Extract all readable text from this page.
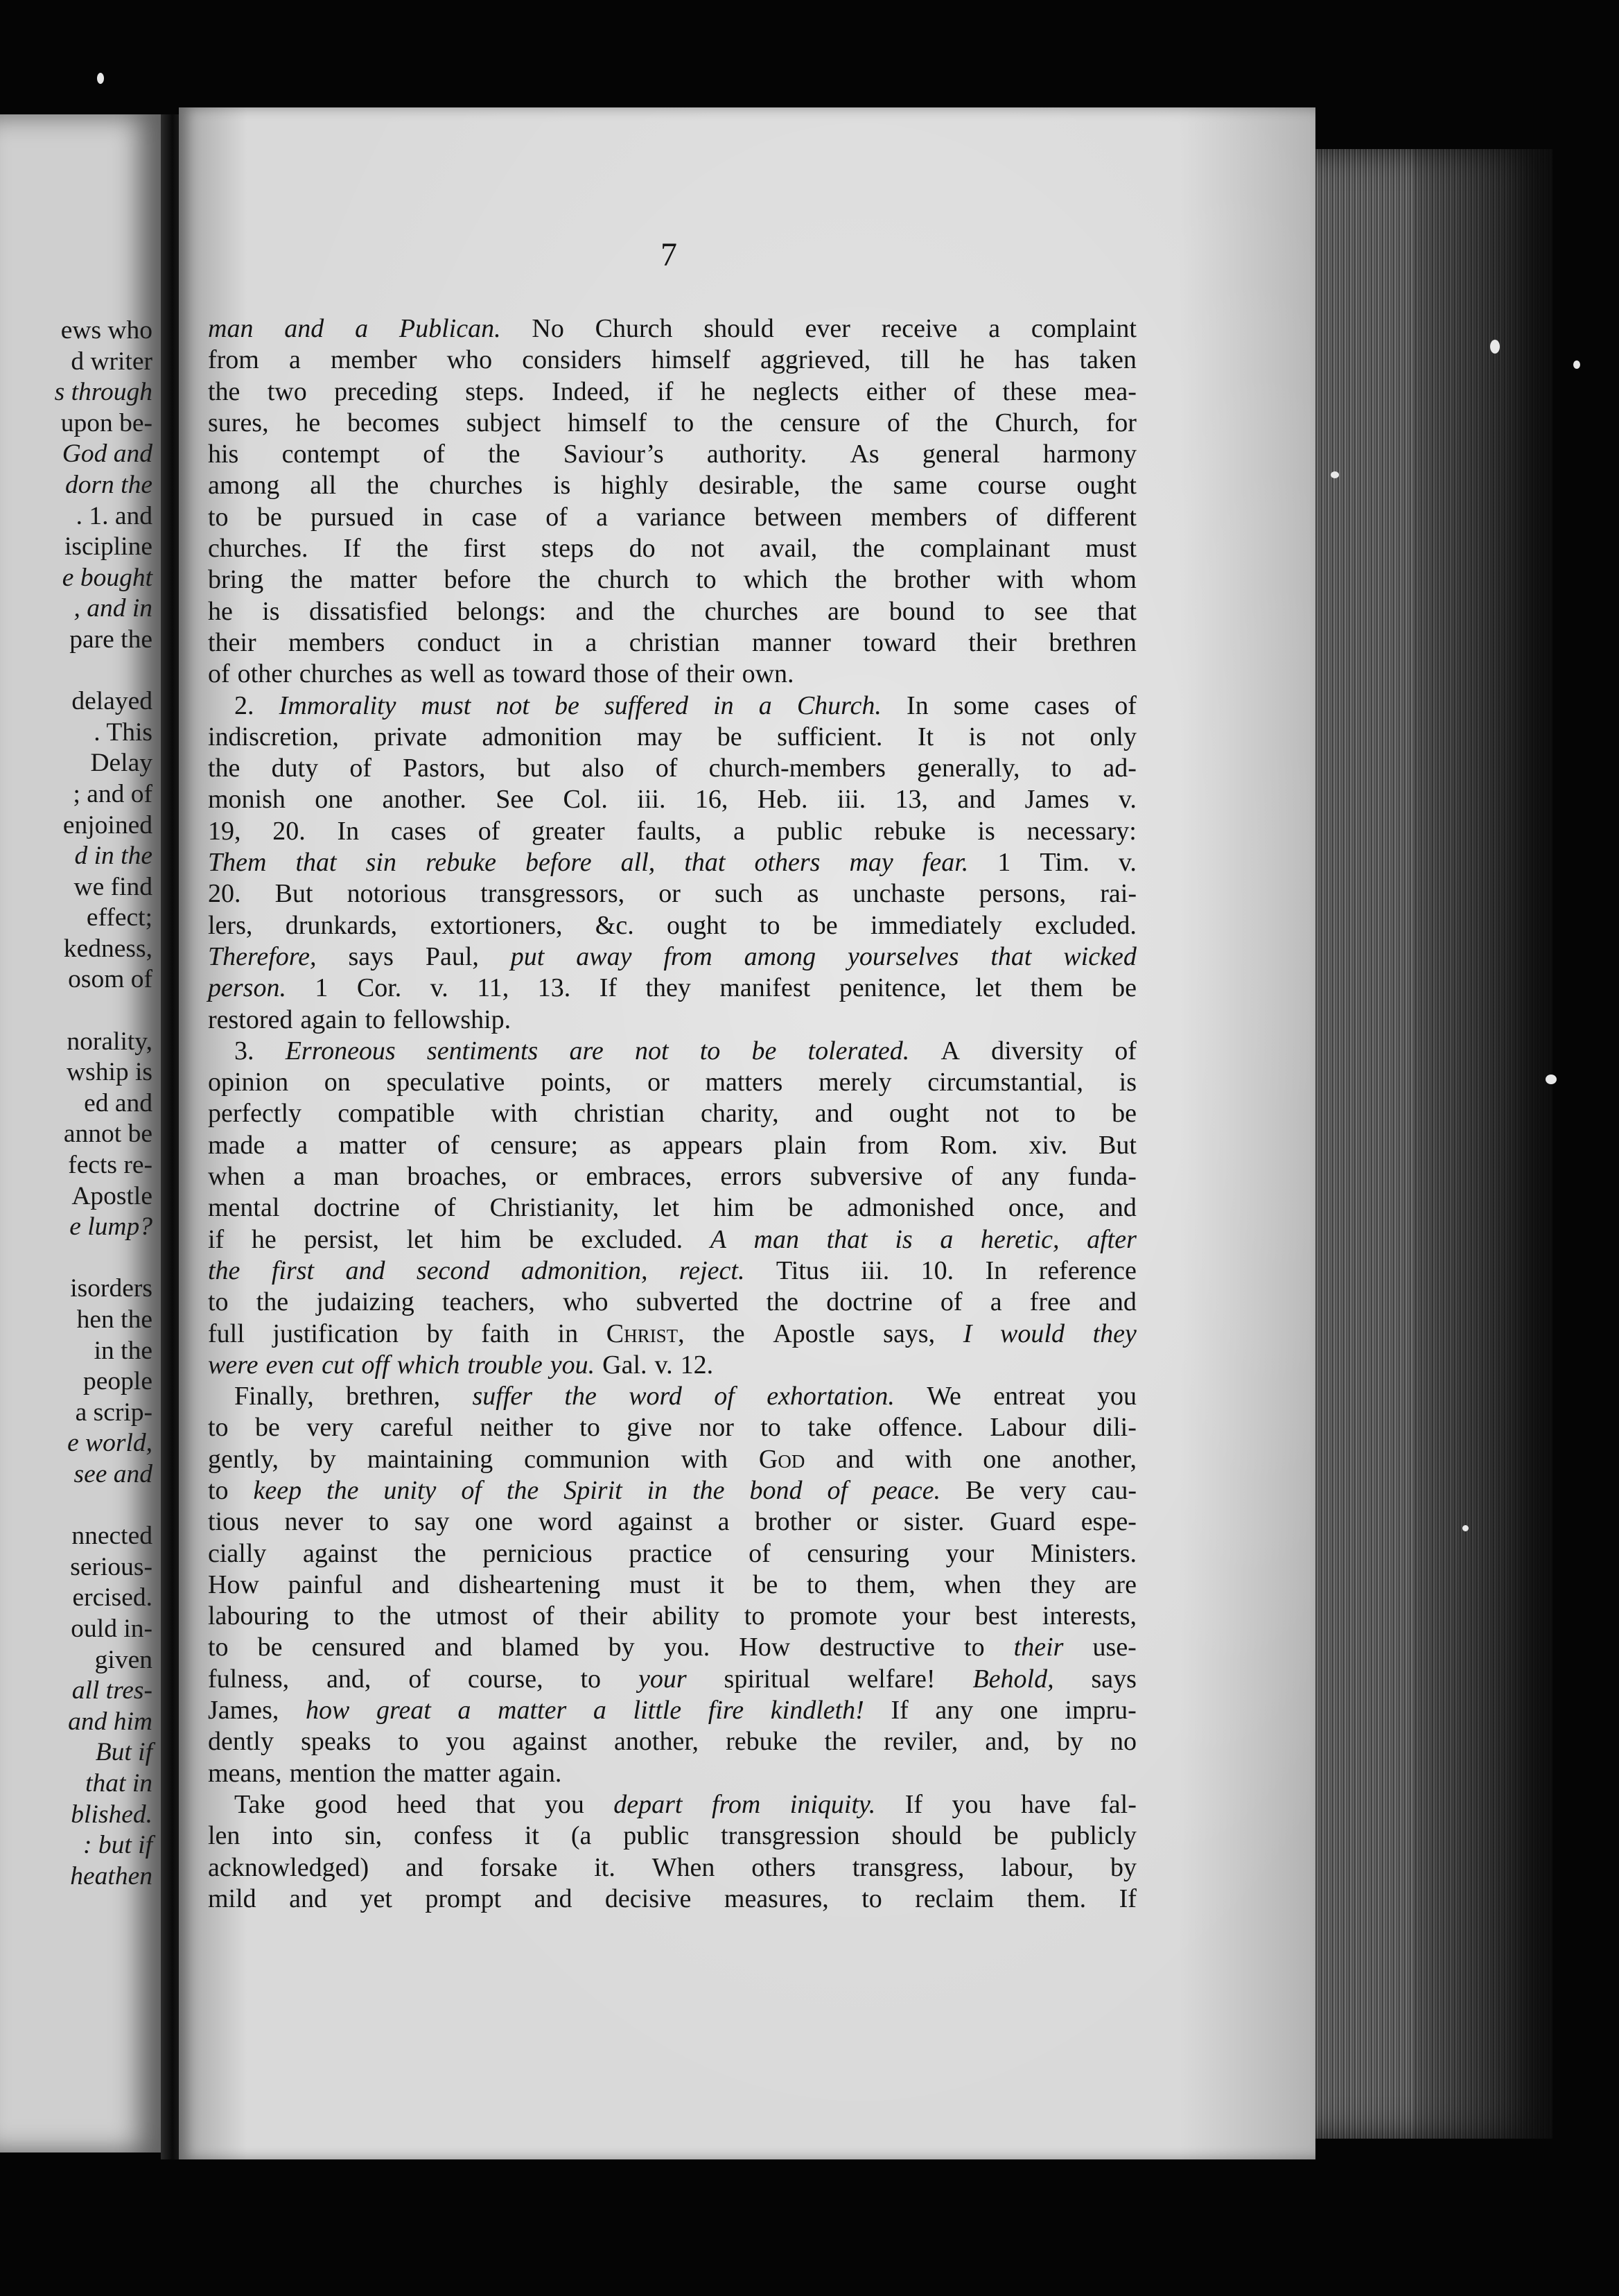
ews who
d writer
s through
upon be-
God and
dorn the
. 1. and
iscipline
e bought
, and in
pare the
delayed
. This
Delay
; and of
enjoined
d in the
we find
effect;
kedness,
osom of
norality,
wship is
ed and
annot be
fects re-
Apostle
e lump?
isorders
hen the
in the
people
a scrip-
e world,
see and
nnected
serious-
ercised.
ould in-
given
all tres-
and him
But if
that in
blished.
: but if
heathen
7
man and a Publican. No Church should ever receive a complaint
from a member who considers himself aggrieved, till he has taken
the two preceding steps. Indeed, if he neglects either of these mea-
sures, he becomes subject himself to the censure of the Church, for
his contempt of the Saviour’s authority. As general harmony
among all the churches is highly desirable, the same course ought
to be pursued in case of a variance between members of different
churches. If the first steps do not avail, the complainant must
bring the matter before the church to which the brother with whom
he is dissatisfied belongs: and the churches are bound to see that
their members conduct in a christian manner toward their brethren
of other churches as well as toward those of their own.
2. Immorality must not be suffered in a Church. In some cases of
indiscretion, private admonition may be sufficient. It is not only
the duty of Pastors, but also of church-members generally, to ad-
monish one another. See Col. iii. 16, Heb. iii. 13, and James v.
19, 20. In cases of greater faults, a public rebuke is necessary:
Them that sin rebuke before all, that others may fear. 1 Tim. v.
20. But notorious transgressors, or such as unchaste persons, rai-
lers, drunkards, extortioners, &c. ought to be immediately excluded.
Therefore, says Paul, put away from among yourselves that wicked
person. 1 Cor. v. 11, 13. If they manifest penitence, let them be
restored again to fellowship.
3. Erroneous sentiments are not to be tolerated. A diversity of
opinion on speculative points, or matters merely circumstantial, is
perfectly compatible with christian charity, and ought not to be
made a matter of censure; as appears plain from Rom. xiv. But
when a man broaches, or embraces, errors subversive of any funda-
mental doctrine of Christianity, let him be admonished once, and
if he persist, let him be excluded. A man that is a heretic, after
the first and second admonition, reject. Titus iii. 10. In reference
to the judaizing teachers, who subverted the doctrine of a free and
full justification by faith in Christ, the Apostle says, I would they
were even cut off which trouble you. Gal. v. 12.
Finally, brethren, suffer the word of exhortation. We entreat you
to be very careful neither to give nor to take offence. Labour dili-
gently, by maintaining communion with God and with one another,
to keep the unity of the Spirit in the bond of peace. Be very cau-
tious never to say one word against a brother or sister. Guard espe-
cially against the pernicious practice of censuring your Ministers.
How painful and disheartening must it be to them, when they are
labouring to the utmost of their ability to promote your best interests,
to be censured and blamed by you. How destructive to their use-
fulness, and, of course, to your spiritual welfare! Behold, says
James, how great a matter a little fire kindleth! If any one impru-
dently speaks to you against another, rebuke the reviler, and, by no
means, mention the matter again.
Take good heed that you depart from iniquity. If you have fal-
len into sin, confess it (a public transgression should be publicly
acknowledged) and forsake it. When others transgress, labour, by
mild and yet prompt and decisive measures, to reclaim them. If
